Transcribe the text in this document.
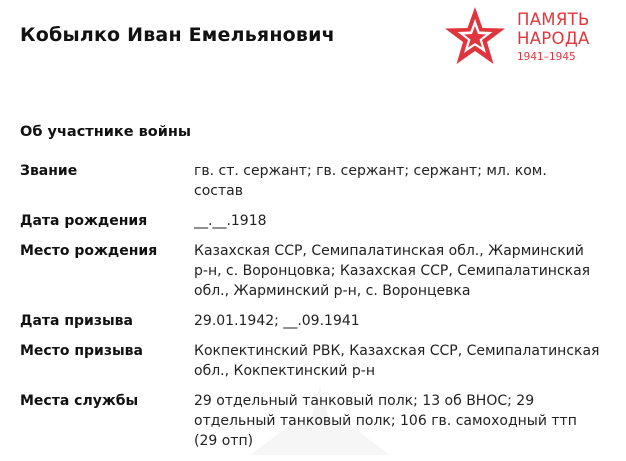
Кобылко Иван Емельянович
ПАМЯТЬ
НАРОДА
1941–1945
Об участнике войны
Звание	гв. ст. сержант; гв. сержант; сержант; мл. ком. состав
Дата рождения	__.__.1918
Место рождения	Казахская ССР, Семипалатинская обл., Жарминский р-н, с. Воронцовка; Казахская ССР, Семипалатинская обл., Жарминский р-н, с. Воронцевка
Дата призыва	29.01.1942; __.09.1941
Место призыва	Кокпектинский РВК, Казахская ССР, Семипалатинская обл., Кокпектинский р-н
Места службы	29 отдельный танковый полк; 13 об ВНОС; 29 отдельный танковый полк; 106 гв. самоходный ттп (29 отп)
